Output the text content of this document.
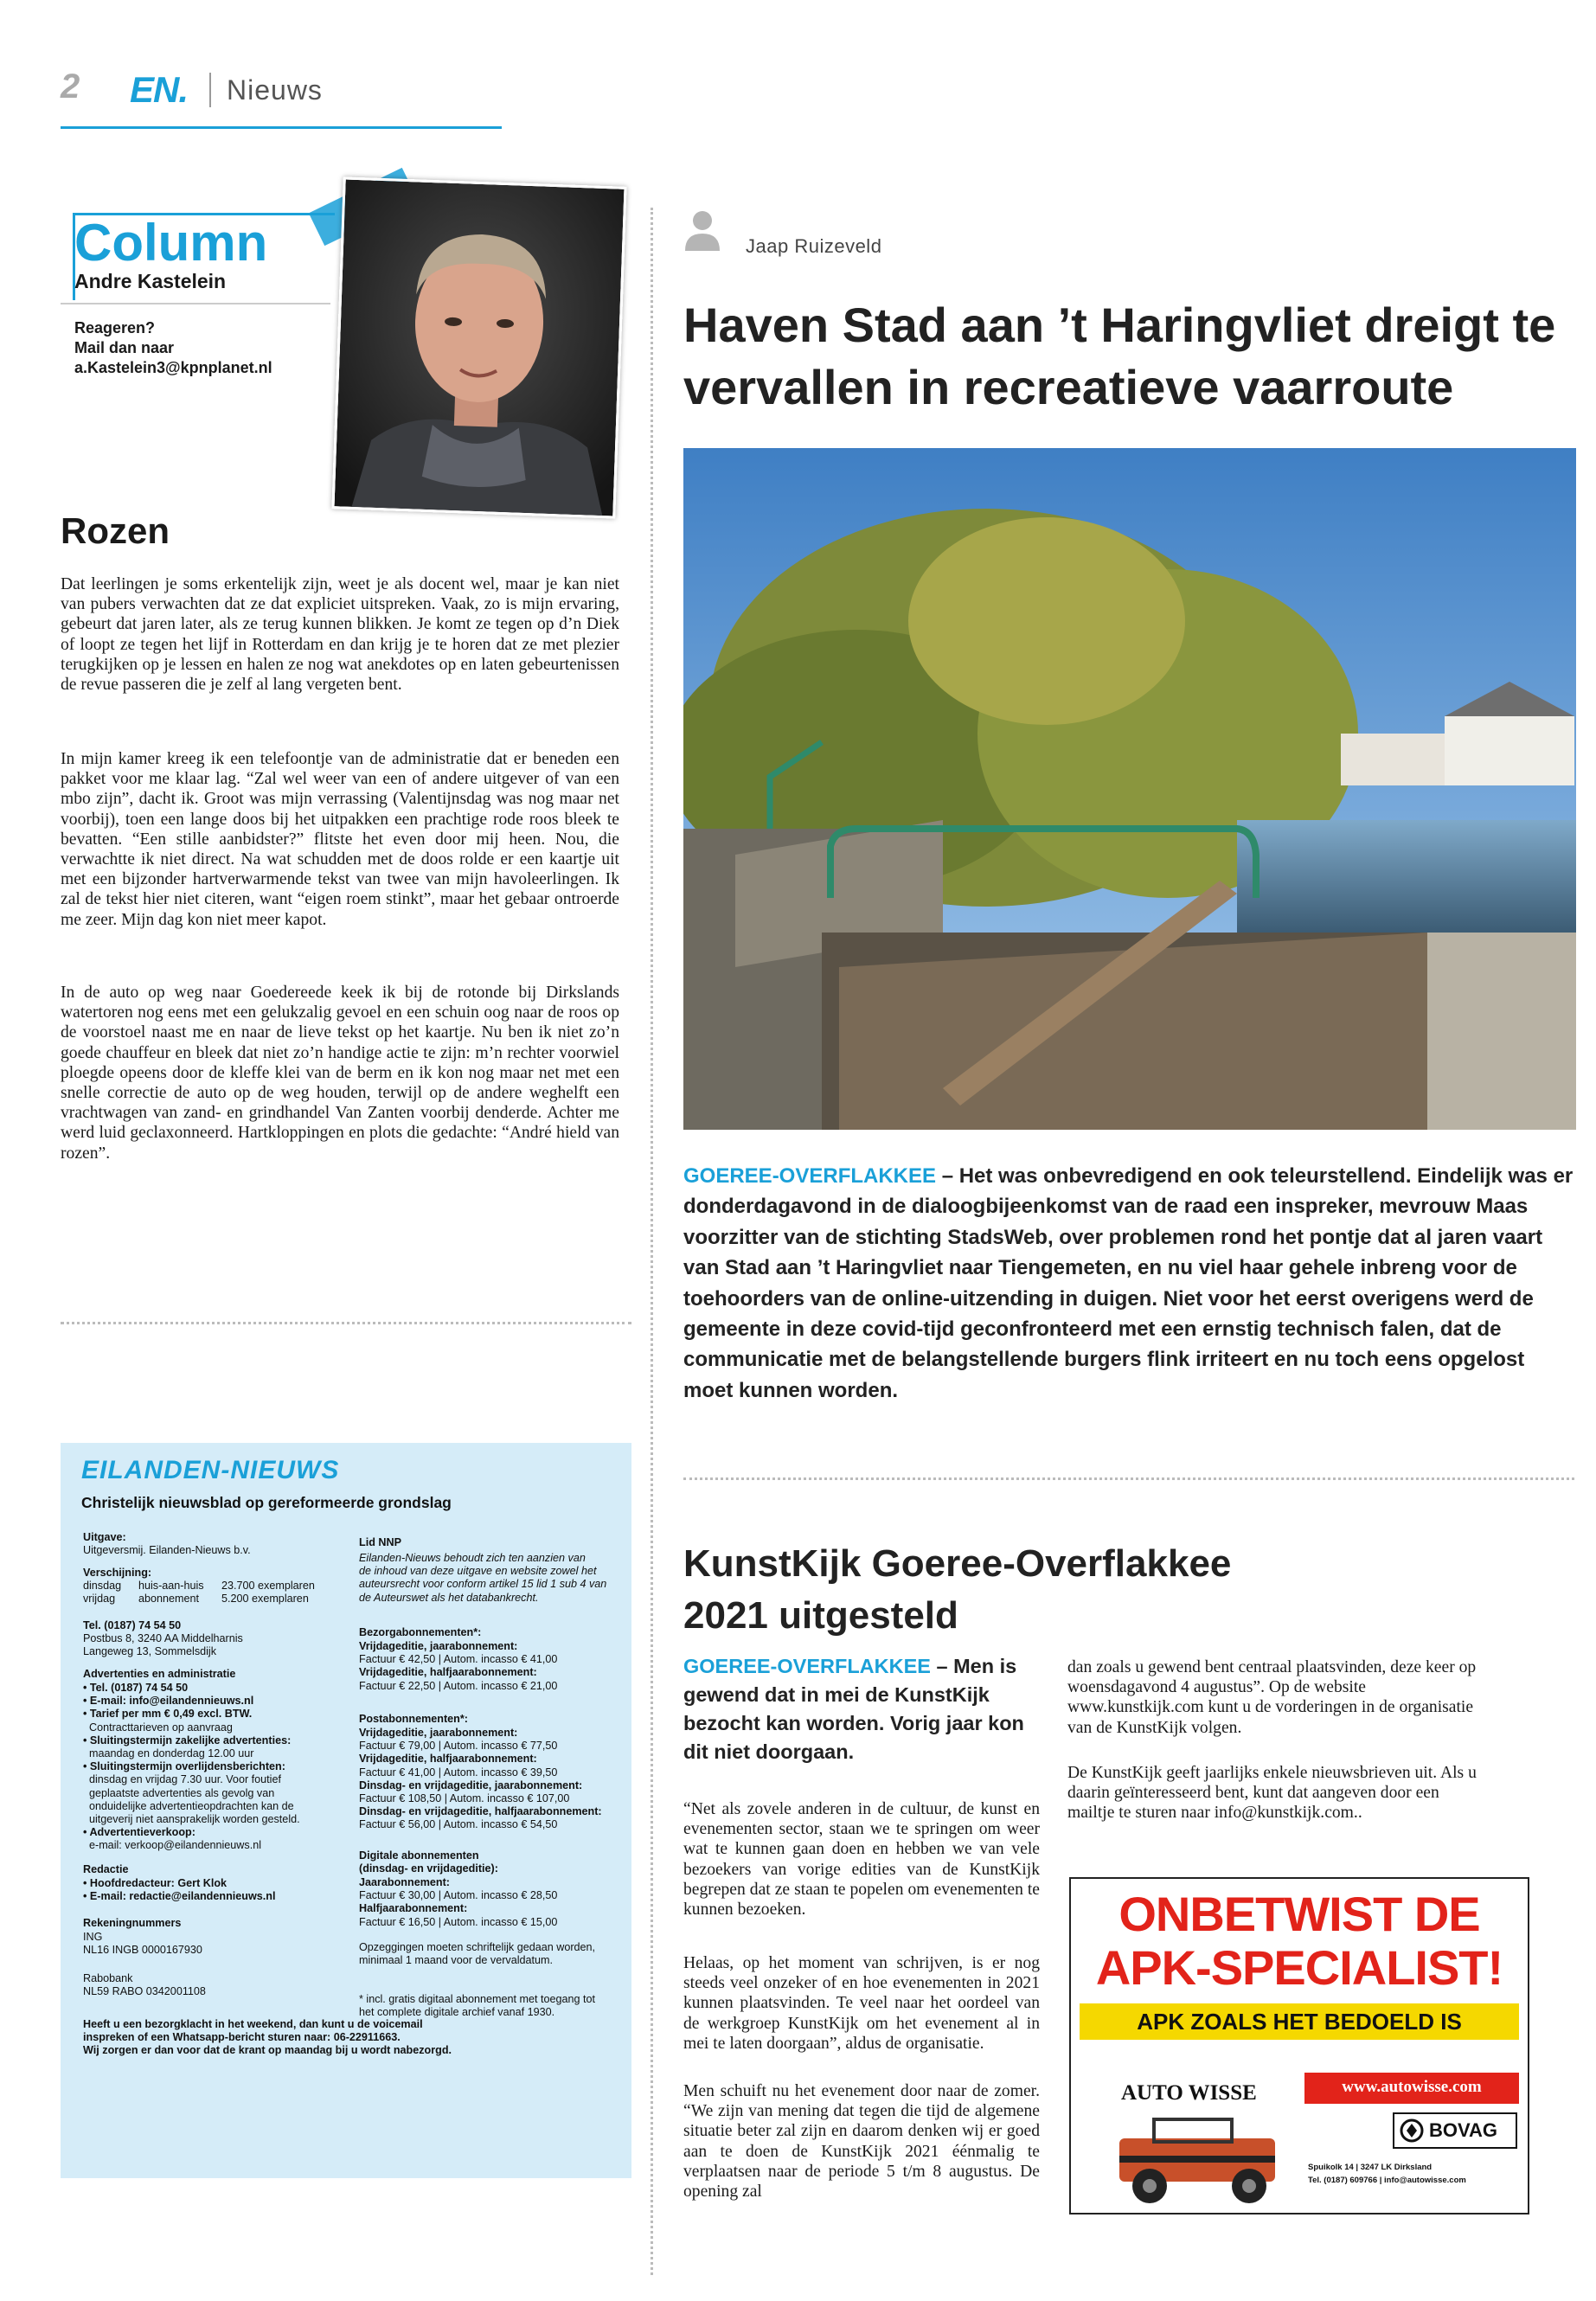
2 EN. Nieuws
Column
Andre Kastelein
Reageren?
Mail dan naar
a.Kastelein3@kpnplanet.nl
Rozen
Dat leerlingen je soms erkentelijk zijn, weet je als docent wel, maar je kan niet van pubers verwachten dat ze dat expliciet uitspreken. Vaak, zo is mijn ervaring, gebeurt dat jaren later, als ze terug kunnen blikken. Je komt ze tegen op d’n Diek of loopt ze tegen het lijf in Rotterdam en dan krijg je te horen dat ze met plezier terugkijken op je lessen en halen ze nog wat anekdotes op en laten gebeurtenissen de revue passeren die je zelf al lang vergeten bent.
In mijn kamer kreeg ik een telefoontje van de administratie dat er beneden een pakket voor me klaar lag. “Zal wel weer van een of andere uitgever of van een mbo zijn”, dacht ik. Groot was mijn verrassing (Valentijnsdag was nog maar net voorbij), toen een lange doos bij het uitpakken een prachtige rode roos bleek te bevatten. “Een stille aanbidster?” flitste het even door mij heen. Nou, die verwachtte ik niet direct. Na wat schudden met de doos rolde er een kaartje uit met een bijzonder hartverwarmende tekst van twee van mijn havoleerlingen. Ik zal de tekst hier niet citeren, want “eigen roem stinkt”, maar het gebaar ontroerde me zeer. Mijn dag kon niet meer kapot.
In de auto op weg naar Goedereede keek ik bij de rotonde bij Dirkslands watertoren nog eens met een gelukzalig gevoel en een schuin oog naar de roos op de voorstoel naast me en naar de lieve tekst op het kaartje. Nu ben ik niet zo’n goede chauffeur en bleek dat niet zo’n handige actie te zijn: m’n rechter voorwiel ploegde opeens door de kleffe klei van de berm en ik kon nog maar net met een snelle correctie de auto op de weg houden, terwijl op de andere weghelft een vrachtwagen van zand- en grindhandel Van Zanten voorbij denderde. Achter me werd luid geclaxonneerd. Hartkloppingen en plots die gedachte: “André hield van rozen”.
EILANDEN-NIEUWS
Christelijk nieuwsblad op gereformeerde grondslag
Uitgave:
Uitgeversmij. Eilanden-Nieuws b.v.
Verschijning:
dinsdag huis-aan-huis 23.700 exemplaren
vrijdag abonnement 5.200 exemplaren
Tel. (0187) 74 54 50
Postbus 8, 3240 AA Middelharnis
Langeweg 13, Sommelsdijk
Advertenties en administratie
• Tel. (0187) 74 54 50
• E-mail: info@eilandennieuws.nl
• Tarief per mm € 0,49 excl. BTW.
Contracttarieven op aanvraag
• Sluitingstermijn zakelijke advertenties:
maandag en donderdag 12.00 uur
• Sluitingstermijn overlijdensberichten:
dinsdag en vrijdag 7.30 uur. Voor foutief
geplaatste advertenties als gevolg van
onduidelijke advertentieopdrachten kan de
uitgeverij niet aansprakelijk worden gesteld.
• Advertentieverkoop:
e-mail: verkoop@eilandennieuws.nl
Redactie
• Hoofdredacteur: Gert Klok
• E-mail: redactie@eilandennieuws.nl
Rekeningnummers
ING
NL16 INGB 0000167930
Rabobank
NL59 RABO 0342001108
Heeft u een bezorgklacht in het weekend, dan kunt u de voicemail
inspreken of een Whatsapp-bericht sturen naar: 06-22911663.
Wij zorgen er dan voor dat de krant op maandag bij u wordt nabezorgd.
Lid NNP
Eilanden-Nieuws behoudt zich ten aanzien van
de inhoud van deze uitgave en website zowel het
auteursrecht voor conform artikel 15 lid 1 sub 4 van
de Auteurswet als het databankrecht.
Bezorgabonnementen*:
Vrijdageditie, jaarabonnement:
Factuur € 42,50 | Autom. incasso € 41,00
Vrijdageditie, halfjaarabonnement:
Factuur € 22,50 | Autom. incasso € 21,00
Postabonnementen*:
Vrijdageditie, jaarabonnement:
Factuur € 79,00 | Autom. incasso € 77,50
Vrijdageditie, halfjaarabonnement:
Factuur € 41,00 | Autom. incasso € 39,50
Dinsdag- en vrijdageditie, jaarabonnement:
Factuur € 108,50 | Autom. incasso € 107,00
Dinsdag- en vrijdageditie, halfjaarabonnement:
Factuur € 56,00 | Autom. incasso € 54,50
Digitale abonnementen
(dinsdag- en vrijdageditie):
Jaarabonnement:
Factuur € 30,00 | Autom. incasso € 28,50
Halfjaarabonnement:
Factuur € 16,50 | Autom. incasso € 15,00
Opzeggingen moeten schriftelijk gedaan worden,
minimaal 1 maand voor de vervaldatum.
* incl. gratis digitaal abonnement met toegang tot
het complete digitale archief vanaf 1930.
Jaap Ruizeveld
Haven Stad aan ’t Haringvliet dreigt te vervallen in recreatieve vaarroute
GOEREE-OVERFLAKKEE – Het was onbevredigend en ook teleurstellend. Eindelijk was er donderdagavond in de dialoogbijeenkomst van de raad een inspreker, mevrouw Maas voorzitter van de stichting StadsWeb, over problemen rond het pontje dat al jaren vaart van Stad aan ’t Haringvliet naar Tiengemeten, en nu viel haar gehele inbreng voor de toehoorders van de online-uitzending in duigen. Niet voor het eerst overigens werd de gemeente in deze covid-tijd geconfronteerd met een ernstig technisch falen, dat de communicatie met de belangstellende burgers flink irriteert en nu toch eens opgelost moet kunnen worden.
KunstKijk Goeree-Overflakkee 2021 uitgesteld
GOEREE-OVERFLAKKEE – Men is gewend dat in mei de KunstKijk bezocht kan worden. Vorig jaar kon dit niet doorgaan.
“Net als zovele anderen in de cultuur, de kunst en evenementen sector, staan we te springen om weer wat te kunnen gaan doen en hebben we van vele bezoekers van vorige edities van de KunstKijk begrepen dat ze staan te popelen om evenementen te kunnen bezoeken.
Helaas, op het moment van schrijven, is er nog steeds veel onzeker of en hoe evenementen in 2021 kunnen plaatsvinden. Te veel naar het oordeel van de werkgroep KunstKijk om het evenement al in mei te laten doorgaan”, aldus de organisatie.
Men schuift nu het evenement door naar de zomer. “We zijn van mening dat tegen die tijd de algemene situatie beter zal zijn en daarom denken wij er goed aan te doen de KunstKijk 2021 éénmalig te verplaatsen naar de periode 5 t/m 8 augustus. De opening zal
dan zoals u gewend bent centraal plaatsvinden, deze keer op woensdagavond 4 augustus”. Op de website www.kunstkijk.com kunt u de vorderingen in de organisatie van de KunstKijk volgen.
De KunstKijk geeft jaarlijks enkele nieuwsbrieven uit. Als u daarin geïnteresseerd bent, kunt dat aangeven door een mailtje te sturen naar info@kunstkijk.com..
ONBETWIST DE
APK-SPECIALIST!
APK ZOALS HET BEDOELD IS
AUTO WISSE	www.autowisse.com
BOVAG
Spuikolk 14 | 3247 LK Dirksland
Tel. (0187) 609766 | info@autowisse.com
